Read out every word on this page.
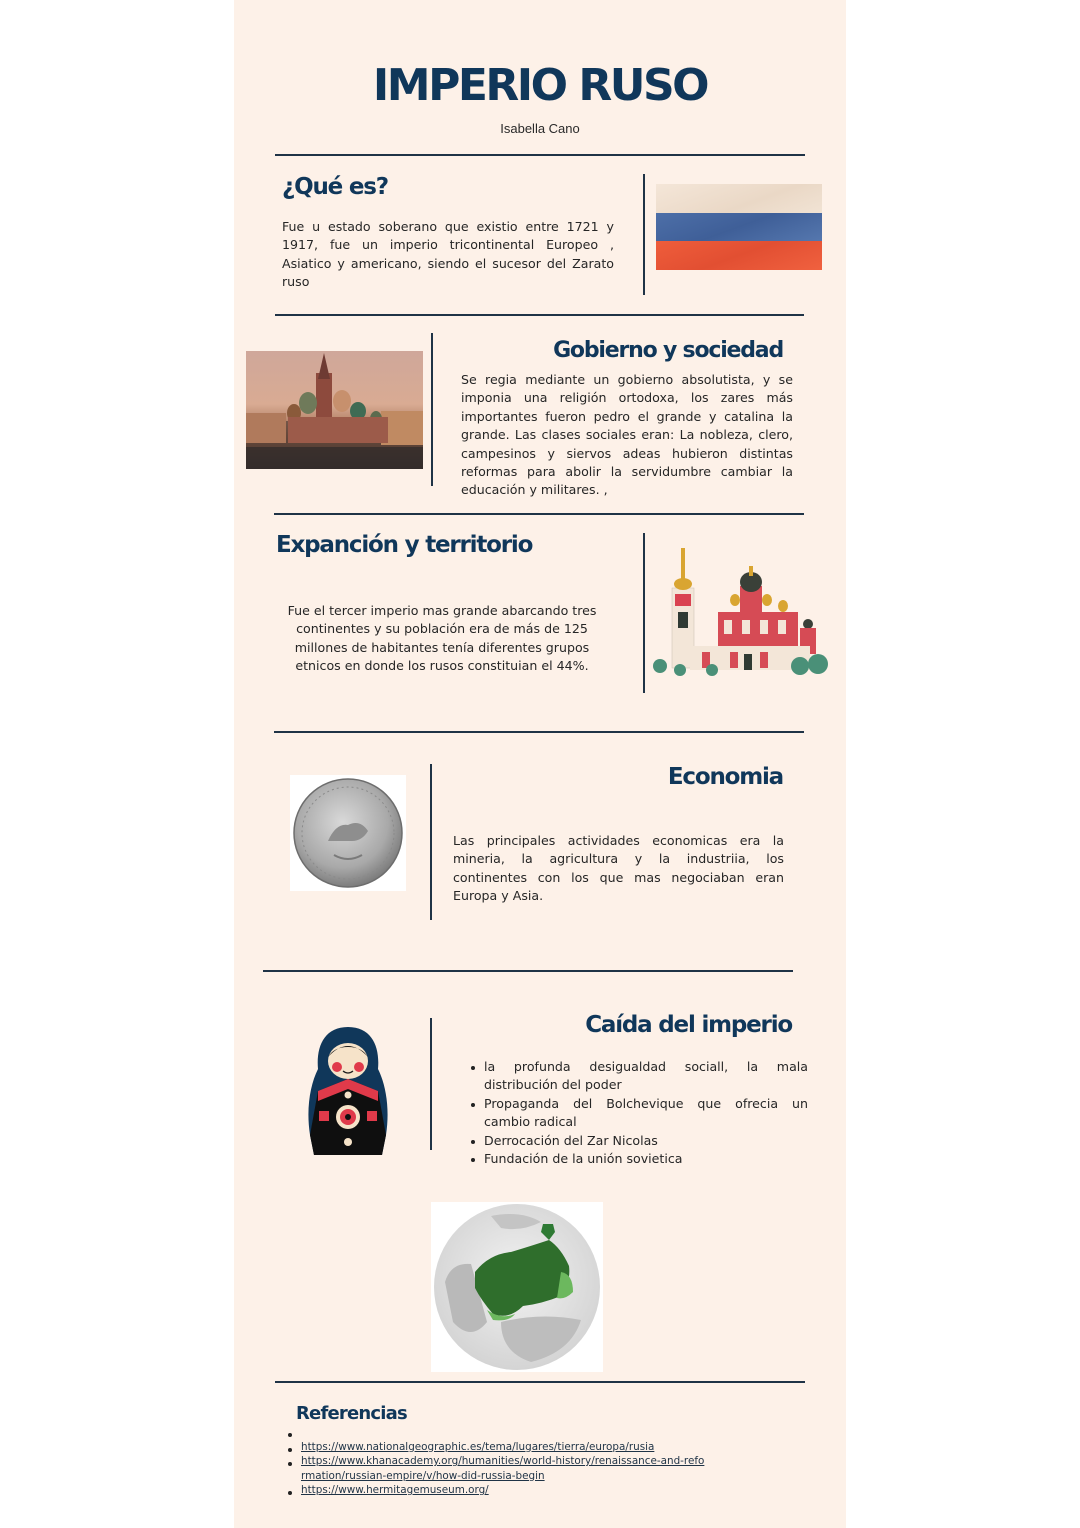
IMPERIO RUSO
Isabella Cano
¿Qué es?
Fue u estado soberano que existio entre 1721 y 1917, fue un imperio tricontinental Europeo , Asiatico y americano, siendo el sucesor del Zarato ruso
Gobierno y sociedad
Se regia mediante un gobierno absolutista, y se imponia una religión ortodoxa, los zares más importantes fueron pedro el grande y catalina la grande. Las clases sociales eran: La nobleza, clero, campesinos y siervos adeas hubieron distintas reformas para abolir la servidumbre cambiar la educación y militares. ,
Expanción y territorio
Fue el tercer imperio mas grande abarcando tres continentes y su población era de más de 125 millones de habitantes tenía diferentes grupos etnicos en donde los rusos constituian el 44%.
Economia
Las principales actividades economicas era la mineria, la agricultura y la industriia, los continentes con los que mas negociaban eran Europa y Asia.
Caída del imperio
la profunda desigualdad sociall, la mala distribución del poder
Propaganda del Bolchevique que ofrecia un cambio radical
Derrocación del Zar Nicolas
Fundación de la unión sovietica
Referencias
https://www.nationalgeographic.es/tema/lugares/tierra/europa/rusia
https://www.khanacademy.org/humanities/world-history/renaissance-and-reformation/russian-empire/v/how-did-russia-begin
https://www.hermitagemuseum.org/
